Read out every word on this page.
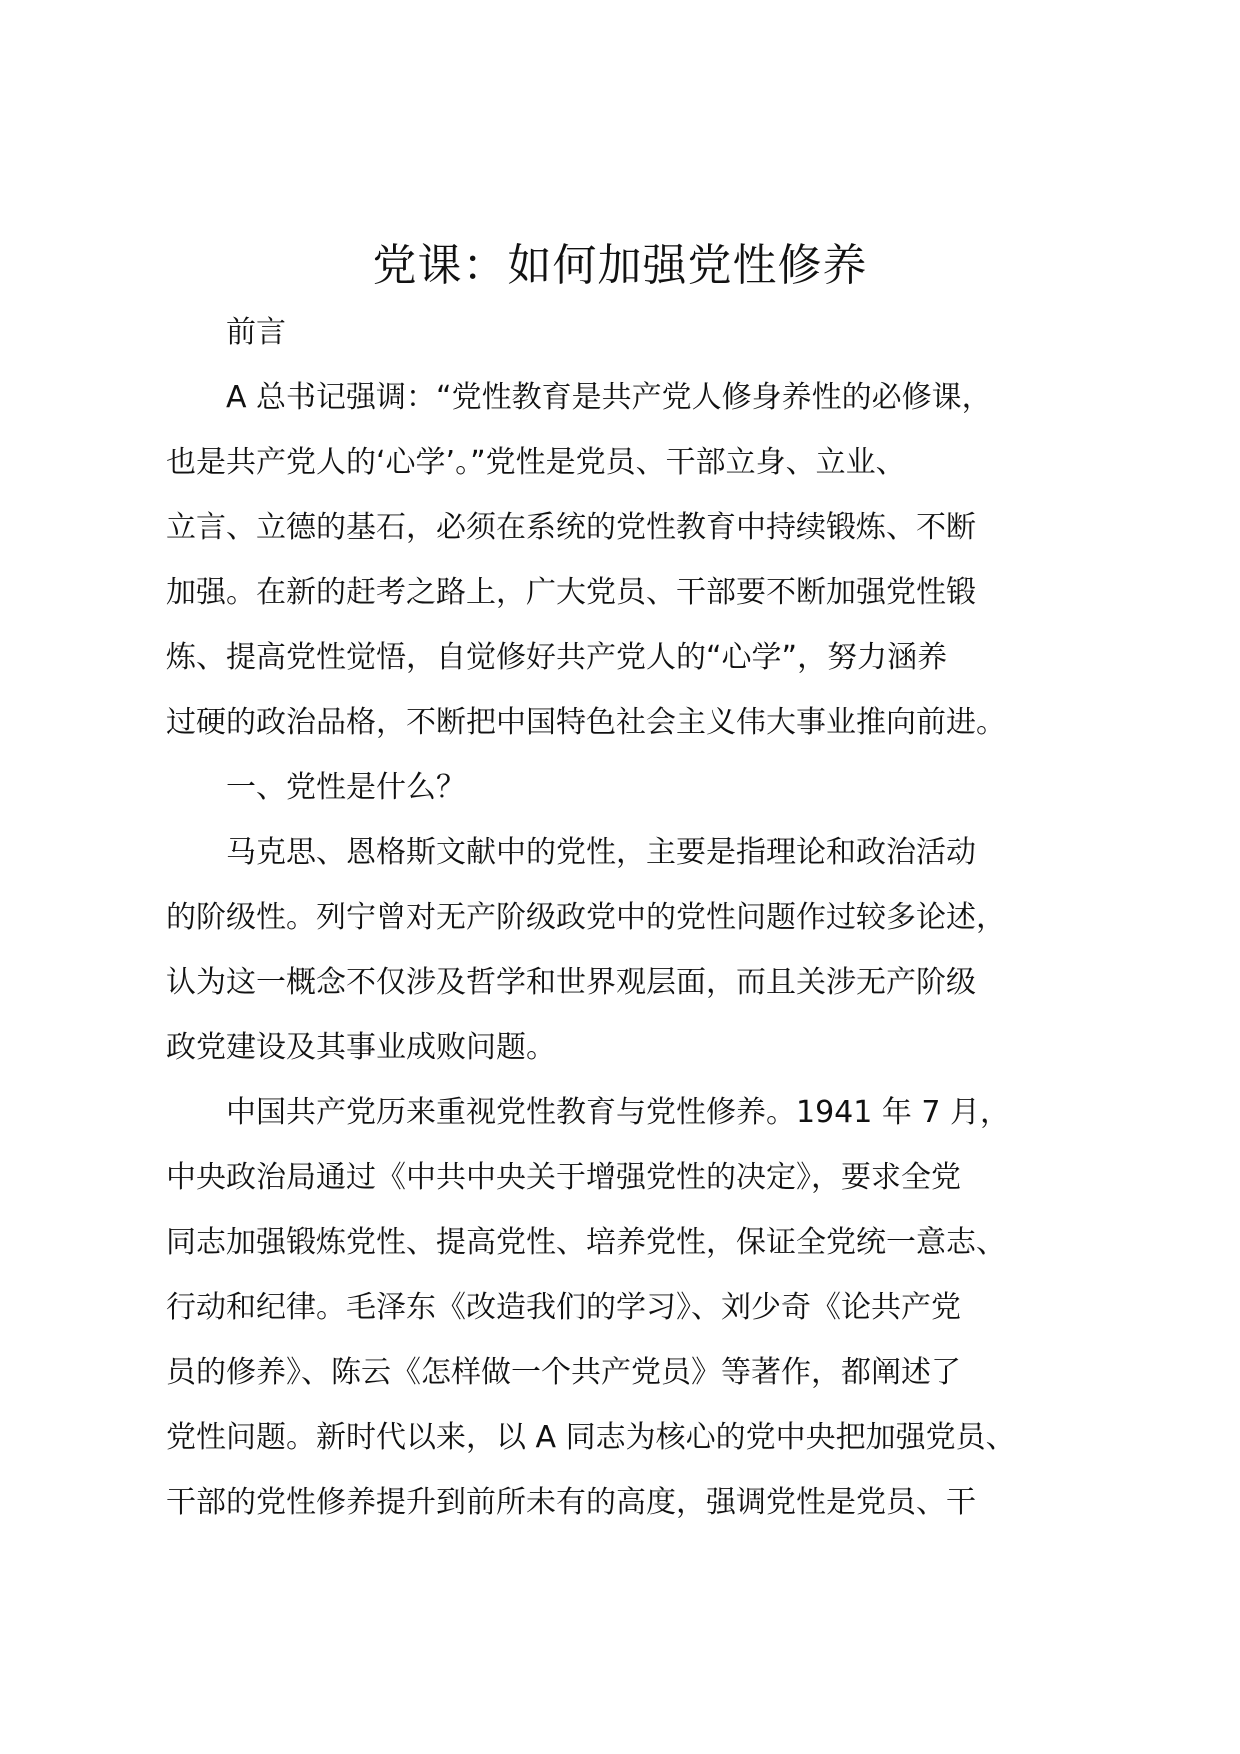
党课：如何加强党性修养

前言

A 总书记强调：“党性教育是共产党人修身养性的必修课，
也是共产党人的‘心学’。”党性是党员、干部立身、立业、
立言、立德的基石，必须在系统的党性教育中持续锻炼、不断
加强。在新的赶考之路上，广大党员、干部要不断加强党性锻
炼、提高党性觉悟，自觉修好共产党人的“心学”，努力涵养
过硬的政治品格，不断把中国特色社会主义伟大事业推向前进。

一、党性是什么？

马克思、恩格斯文献中的党性，主要是指理论和政治活动
的阶级性。列宁曾对无产阶级政党中的党性问题作过较多论述，
认为这一概念不仅涉及哲学和世界观层面，而且关涉无产阶级
政党建设及其事业成败问题。

中国共产党历来重视党性教育与党性修养。1941 年 7 月，
中央政治局通过《中共中央关于增强党性的决定》，要求全党
同志加强锻炼党性、提高党性、培养党性，保证全党统一意志、
行动和纪律。毛泽东《改造我们的学习》、刘少奇《论共产党
员的修养》、陈云《怎样做一个共产党员》等著作，都阐述了
党性问题。新时代以来，以 A 同志为核心的党中央把加强党员、
干部的党性修养提升到前所未有的高度，强调党性是党员、干
